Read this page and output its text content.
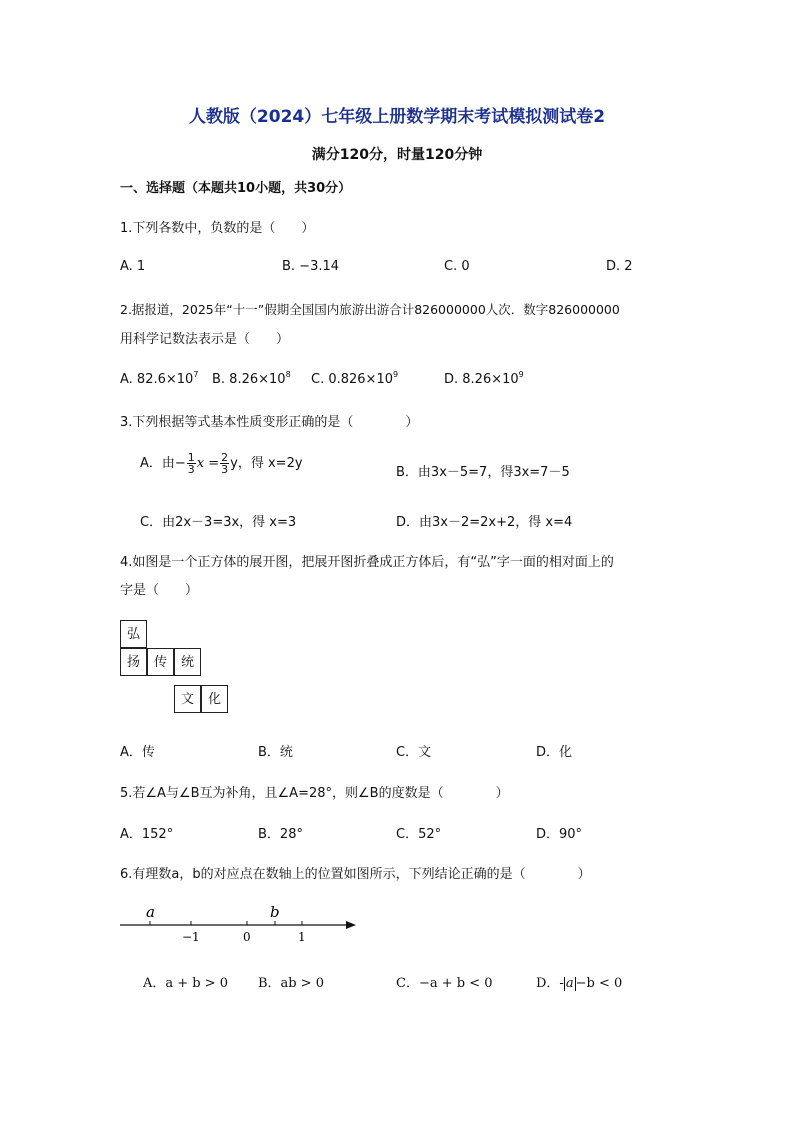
人教版（2024）七年级上册数学期末考试模拟测试卷2
满分120分，时量120分钟
一、选择题（本题共10小题，共30分）
1.下列各数中，负数的是（　　）
A. 1	B. −3.14	C. 0	D. 2
2.据报道，2025年“十一”假期全国国内旅游出游合计826000000人次．数字826000000
用科学记数法表示是（　　）
A. $82.6\times 10^7$ B. $8.26\times 10^8$ C. $0.826\times 10^9$	D. $8.26\times 10^9$
3.下列根据等式基本性质变形正确的是（　　　　）
A．由− $\frac{1}{3}$ $x = \frac{2}{3}$ y，得 x=2y
B．由3x－5=7，得3x=7－5
C．由2x－3=3x，得 x=3	D．由3x－2=2x+2，得 x=4
4.如图是一个正方体的展开图，把展开图折叠成正方体后，有“弘”字一面的相对面上的
字是（　　）
弘
扬	传	统
文	化
A．传	B．统	C．文	D．化
5.若∠A与∠B互为补角，且∠A=28°，则∠B的度数是（　　　　）
A．152°	B．28°	C．52°	D．90°
6.有理数a，b的对应点在数轴上的位置如图所示，下列结论正确的是（　　　　）
a	b
−1	0	1
A．a + b > 0 B．ab > 0	C．−a + b < 0	D．- a −b < 0
